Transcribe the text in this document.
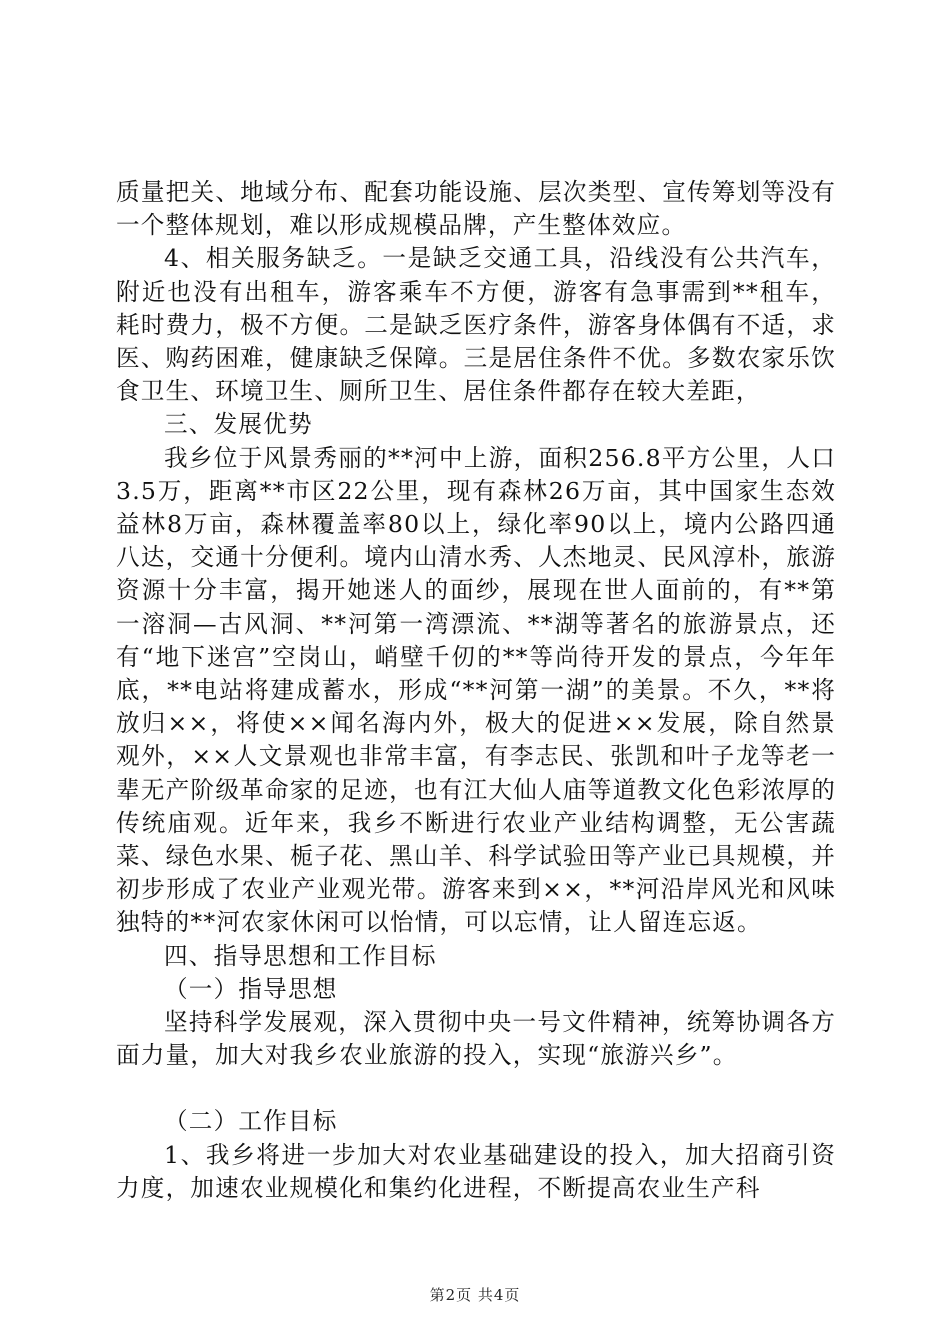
质量把关、地域分布、配套功能设施、层次类型、宣传筹划等没有一个整体规划，难以形成规模品牌，产生整体效应。

4、相关服务缺乏。一是缺乏交通工具，沿线没有公共汽车，附近也没有出租车，游客乘车不方便，游客有急事需到**租车，耗时费力，极不方便。二是缺乏医疗条件，游客身体偶有不适，求医、购药困难，健康缺乏保障。三是居住条件不优。多数农家乐饮食卫生、环境卫生、厕所卫生、居住条件都存在较大差距，

三、发展优势

我乡位于风景秀丽的**河中上游，面积256.8平方公里，人口3.5万，距离**市区22公里，现有森林26万亩，其中国家生态效益林8万亩，森林覆盖率80以上，绿化率90以上，境内公路四通八达，交通十分便利。境内山清水秀、人杰地灵、民风淳朴，旅游资源十分丰富，揭开她迷人的面纱，展现在世人面前的，有**第一溶洞—古风洞、**河第一湾漂流、**湖等著名的旅游景点，还有“地下迷宫”空岗山，峭壁千仞的**等尚待开发的景点，今年年底，**电站将建成蓄水，形成“**河第一湖”的美景。不久，**将放归××，将使××闻名海内外，极大的促进××发展，除自然景观外，××人文景观也非常丰富，有李志民、张凯和叶子龙等老一辈无产阶级革命家的足迹，也有江大仙人庙等道教文化色彩浓厚的传统庙观。近年来，我乡不断进行农业产业结构调整，无公害蔬菜、绿色水果、栀子花、黑山羊、科学试验田等产业已具规模，并初步形成了农业产业观光带。游客来到××，**河沿岸风光和风味独特的**河农家休闲可以怡情，可以忘情，让人留连忘返。

四、指导思想和工作目标

（一）指导思想

坚持科学发展观，深入贯彻中央一号文件精神，统筹协调各方面力量，加大对我乡农业旅游的投入，实现“旅游兴乡”。

（二）工作目标

1、我乡将进一步加大对农业基础建设的投入，加大招商引资力度，加速农业规模化和集约化进程，不断提高农业生产科

第2页 共4页
